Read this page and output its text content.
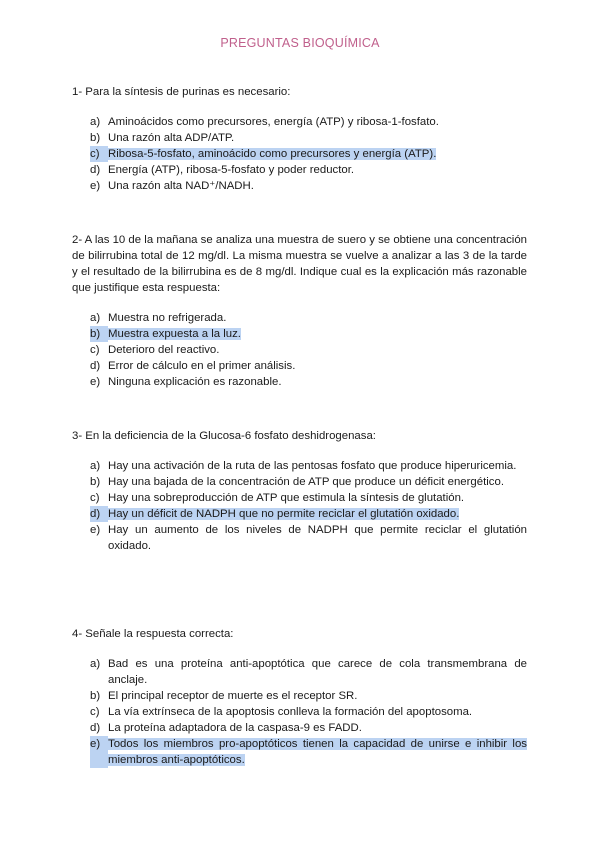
PREGUNTAS BIOQUÍMICA

1- Para la síntesis de purinas es necesario:

a) Aminoácidos como precursores, energía (ATP) y ribosa-1-fosfato.
b) Una razón alta ADP/ATP.
c) Ribosa-5-fosfato, aminoácido como precursores y energía (ATP).
d) Energía (ATP), ribosa-5-fosfato y poder reductor.
e) Una razón alta NAD⁺/NADH.

2- A las 10 de la mañana se analiza una muestra de suero y se obtiene una concentración de bilirrubina total de 12 mg/dl. La misma muestra se vuelve a analizar a las 3 de la tarde y el resultado de la bilirrubina es de 8 mg/dl. Indique cual es la explicación más razonable que justifique esta respuesta:

a) Muestra no refrigerada.
b) Muestra expuesta a la luz.
c) Deterioro del reactivo.
d) Error de cálculo en el primer análisis.
e) Ninguna explicación es razonable.

3- En la deficiencia de la Glucosa-6 fosfato deshidrogenasa:

a) Hay una activación de la ruta de las pentosas fosfato que produce hiperuricemia.
b) Hay una bajada de la concentración de ATP que produce un déficit energético.
c) Hay una sobreproducción de ATP que estimula la síntesis de glutatión.
d) Hay un déficit de NADPH que no permite reciclar el glutatión oxidado.
e) Hay un aumento de los niveles de NADPH que permite reciclar el glutatión oxidado.

4- Señale la respuesta correcta:

a) Bad es una proteína anti-apoptótica que carece de cola transmembrana de anclaje.
b) El principal receptor de muerte es el receptor SR.
c) La vía extrínseca de la apoptosis conlleva la formación del apoptosoma.
d) La proteína adaptadora de la caspasa-9 es FADD.
e) Todos los miembros pro-apoptóticos tienen la capacidad de unirse e inhibir los miembros anti-apoptóticos.
